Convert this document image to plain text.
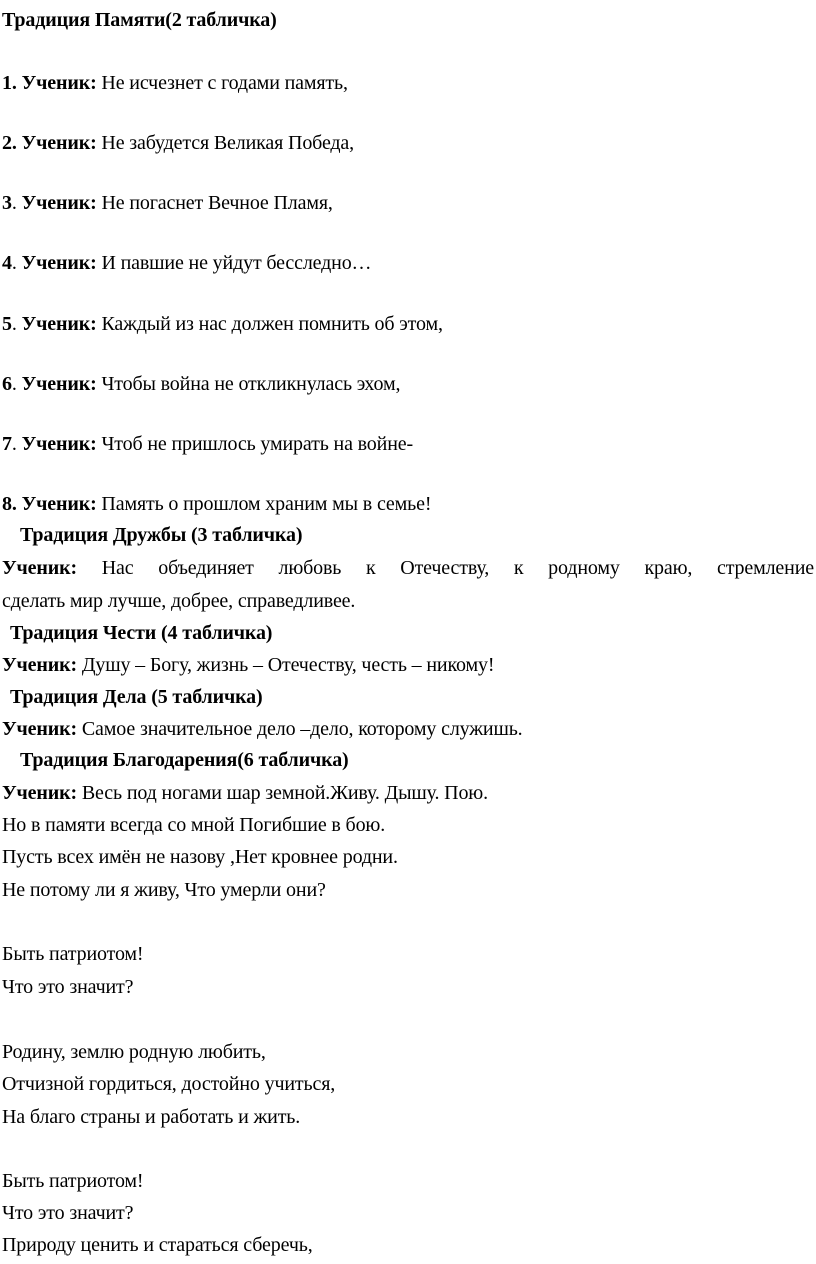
Традиция Памяти(2 табличка)
1. Ученик: Не исчезнет с годами память,
2. Ученик: Не забудется Великая Победа,
3. Ученик: Не погаснет Вечное Пламя,
4. Ученик: И павшие не уйдут бесследно…
5. Ученик: Каждый из нас должен помнить об этом,
6. Ученик: Чтобы война не откликнулась эхом,
7. Ученик: Чтоб не пришлось умирать на войне-
8. Ученик: Память о прошлом храним мы в семье!
Традиция Дружбы (3 табличка)
Ученик: Нас объединяет любовь к Отечеству, к родному краю, стремление
сделать мир лучше, добрее, справедливее.
Традиция Чести (4 табличка)
Ученик: Душу – Богу, жизнь – Отечеству, честь – никому!
Традиция Дела (5 табличка)
Ученик: Самое значительное дело –дело, которому служишь.
Традиция Благодарения(6 табличка)
Ученик: Весь под ногами шар земной.Живу. Дышу. Пою.
Но в памяти всегда со мной Погибшие в бою.
Пусть всех имён не назову ,Нет кровнее родни.
Не потому ли я живу, Что умерли они?
Быть патриотом!
Что это значит?
Родину, землю родную любить,
Отчизной гордиться, достойно учиться,
На благо страны и работать и жить.
Быть патриотом!
Что это значит?
Природу ценить и стараться сберечь,
